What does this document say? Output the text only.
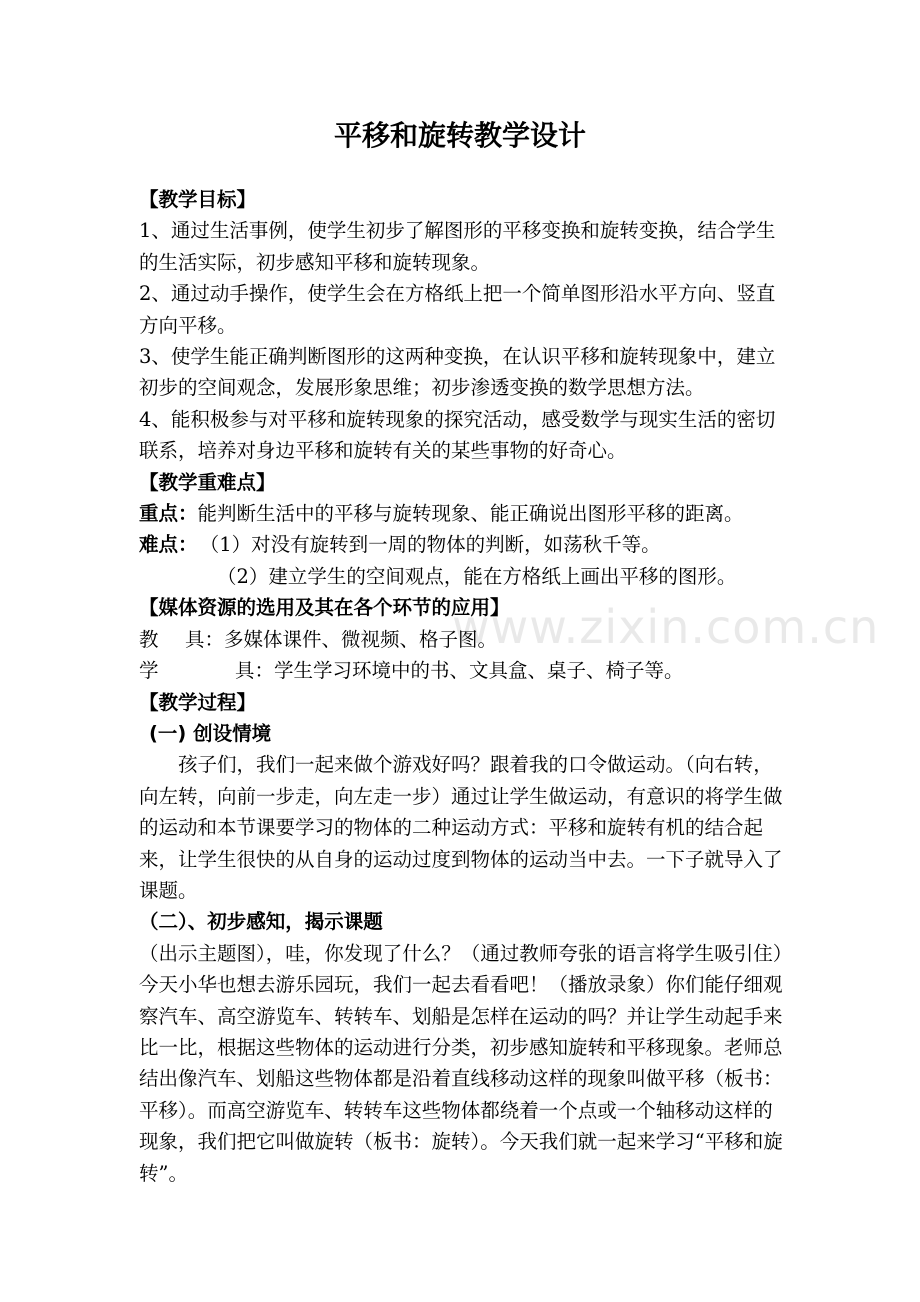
www.zixin.com.cn
平移和旋转教学设计

【教学目标】

1、通过生活事例，使学生初步了解图形的平移变换和旋转变换，结合学生的生活实际，初步感知平移和旋转现象。

2、通过动手操作，使学生会在方格纸上把一个简单图形沿水平方向、竖直方向平移。

3、使学生能正确判断图形的这两种变换，在认识平移和旋转现象中，建立初步的空间观念，发展形象思维；初步渗透变换的数学思想方法。

4、能积极参与对平移和旋转现象的探究活动，感受数学与现实生活的密切联系，培养对身边平移和旋转有关的某些事物的好奇心。

【教学重难点】

重点：能判断生活中的平移与旋转现象、能正确说出图形平移的距离。

难点： （1）对没有旋转到一周的物体的判断，如荡秋千等。

（2）建立学生的空间观点，能在方格纸上画出平移的图形。

【媒体资源的选用及其在各个环节的应用】

教	具： 多媒体课件、微视频、格子图。

学	具： 学生学习环境中的书、文具盒、桌子、椅子等。

【教学过程】

(一) 创设情境

孩子们，我们一起来做个游戏好吗？跟着我的口令做运动。（向右转，向左转，向前一步走，向左走一步）通过让学生做运动，有意识的将学生做的运动和本节课要学习的物体的二种运动方式：平移和旋转有机的结合起来，让学生很快的从自身的运动过度到物体的运动当中去。一下子就导入了课题。

（二）、初步感知，揭示课题

（出示主题图），哇，你发现了什么？（通过教师夸张的语言将学生吸引住）今天小华也想去游乐园玩，我们一起去看看吧！（播放录象）你们能仔细观察汽车、高空游览车、转转车、划船是怎样在运动的吗？并让学生动起手来比一比，根据这些物体的运动进行分类，初步感知旋转和平移现象。老师总结出像汽车、划船这些物体都是沿着直线移动这样的现象叫做平移（板书：平移）。而高空游览车、转转车这些物体都绕着一个点或一个轴移动这样的现象，我们把它叫做旋转（板书：旋转）。今天我们就一起来学习“平移和旋转”。
